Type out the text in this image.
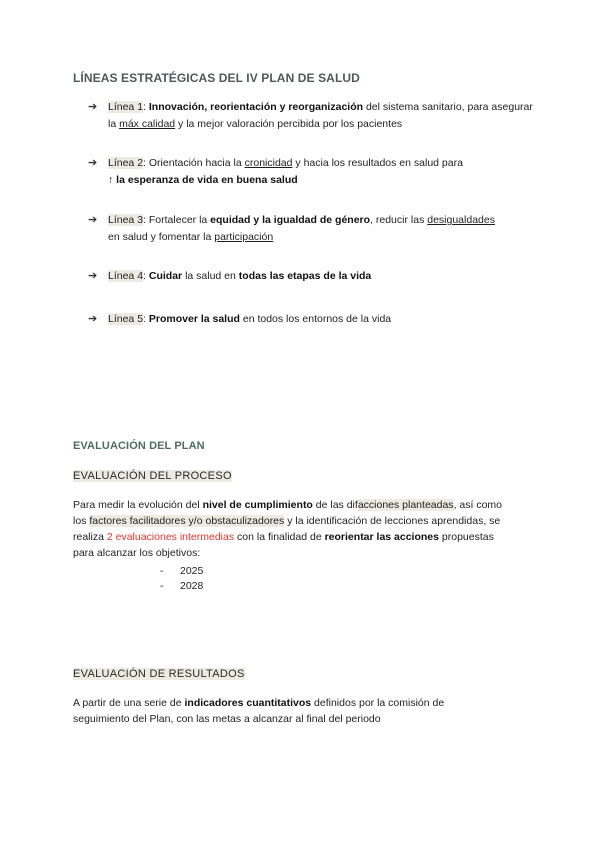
LÍNEAS ESTRATÉGICAS DEL IV PLAN DE SALUD
➔ Línea 1: Innovación, reorientación y reorganización del sistema sanitario, para asegurar la máx calidad y la mejor valoración percibida por los pacientes
➔ Línea 2: Orientación hacia la cronicidad y hacia los resultados en salud para
↑ la esperanza de vida en buena salud
➔ Línea 3: Fortalecer la equidad y la igualdad de género, reducir las desigualdades
en salud y fomentar la participación
➔ Línea 4: Cuidar la salud en todas las etapas de la vida
➔ Línea 5: Promover la salud en todos los entornos de la vida
EVALUACIÓN DEL PLAN
EVALUACIÓN DEL PROCESO
Para medir la evolución del nivel de cumplimiento de las difacciones planteadas, así como los factores facilitadores y/o obstaculizadores y la identificación de lecciones aprendidas, se realiza 2 evaluaciones intermedias con la finalidad de reorientar las acciones propuestas para alcanzar los objetivos:
- 2025
- 2028
EVALUACIÓN DE RESULTADOS
A partir de una serie de indicadores cuantitativos definidos por la comisión de seguimiento del Plan, con las metas a alcanzar al final del periodo
